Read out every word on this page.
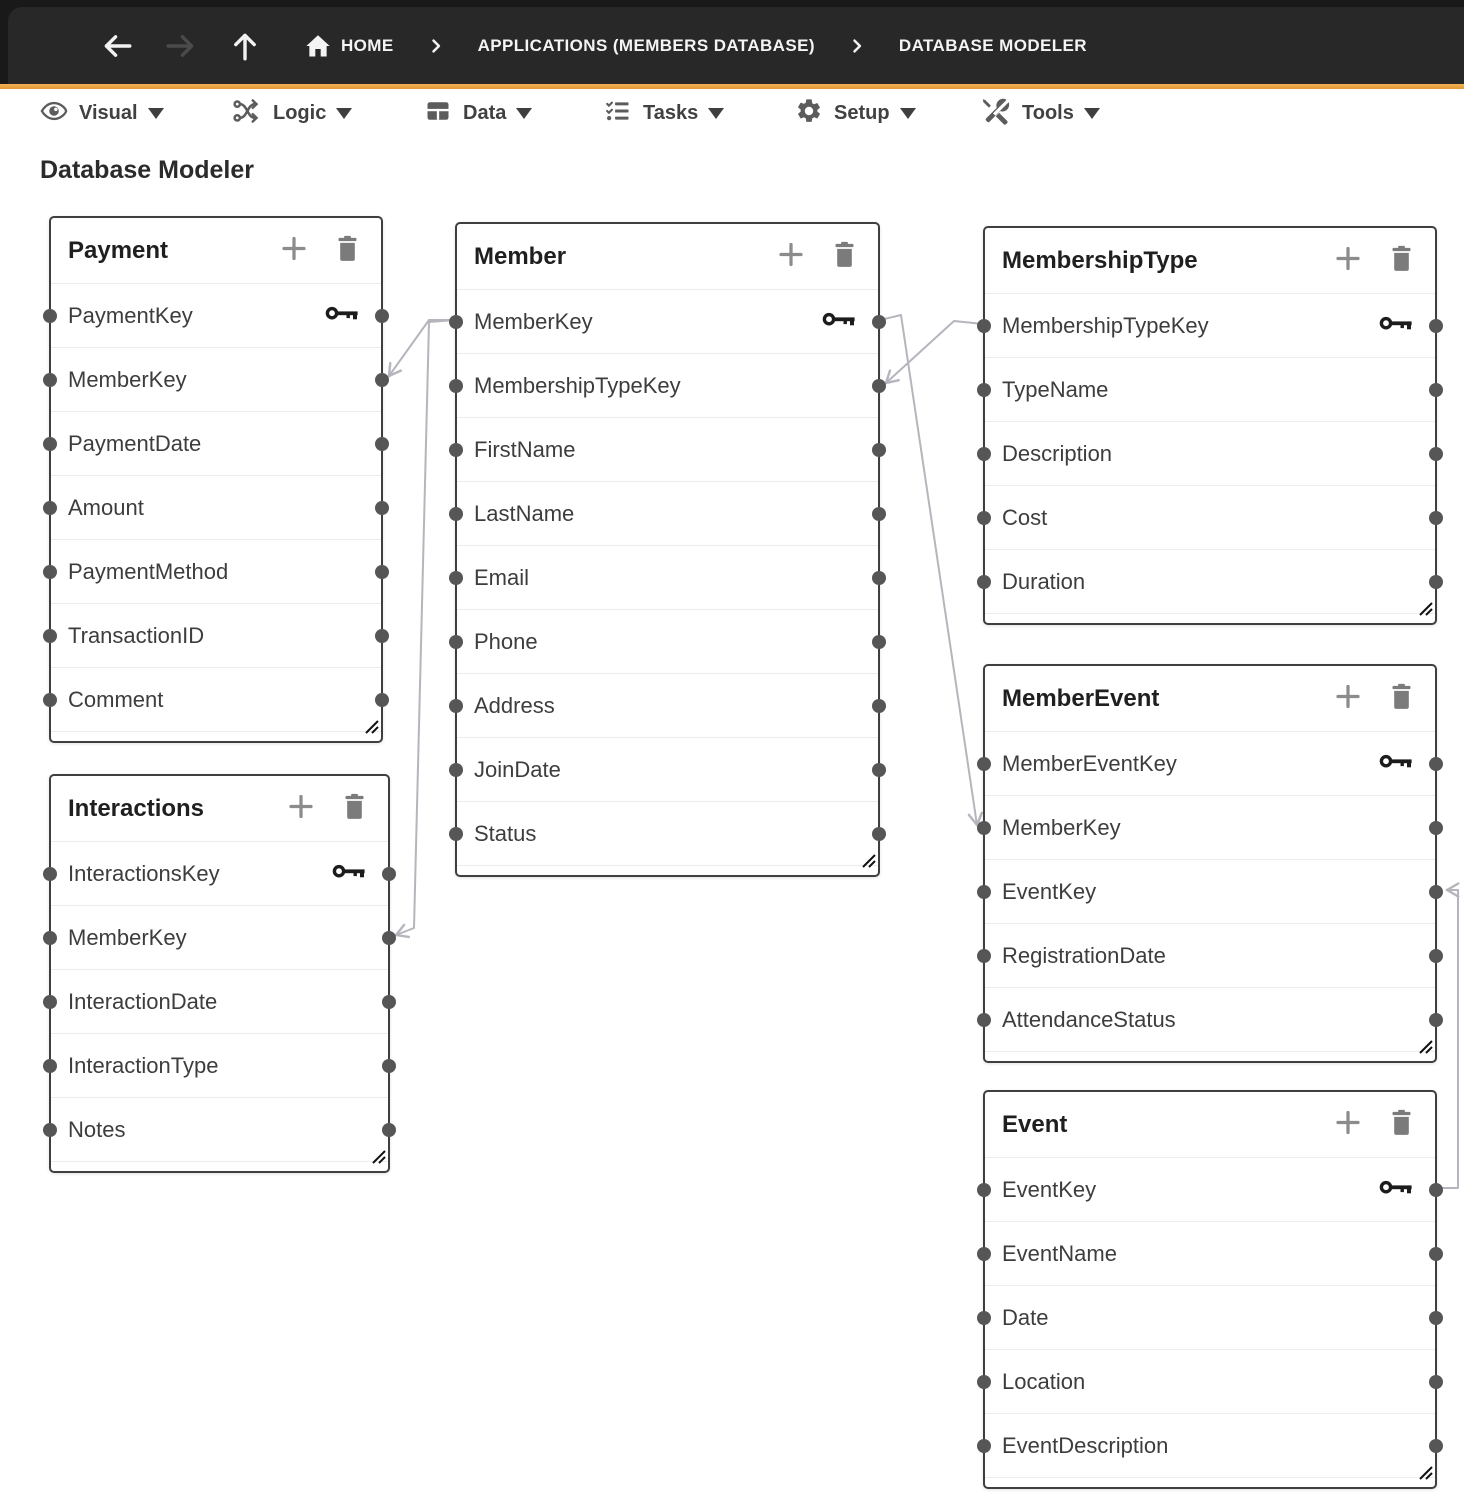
HOME	APPLICATIONS (MEMBERS DATABASE)	DATABASE MODELER
Visual	Logic	Data	Tasks	Setup	Tools
Database Modeler
Payment
PaymentKey
MemberKey
PaymentDate
Amount
PaymentMethod
TransactionID
Comment
Member
MemberKey
MembershipTypeKey
FirstName
LastName
Email
Phone
Address
JoinDate
Status
MembershipType
MembershipTypeKey
TypeName
Description
Cost
Duration
Interactions
InteractionsKey
MemberKey
InteractionDate
InteractionType
Notes
MemberEvent
MemberEventKey
MemberKey
EventKey
RegistrationDate
AttendanceStatus
Event
EventKey
EventName
Date
Location
EventDescription
